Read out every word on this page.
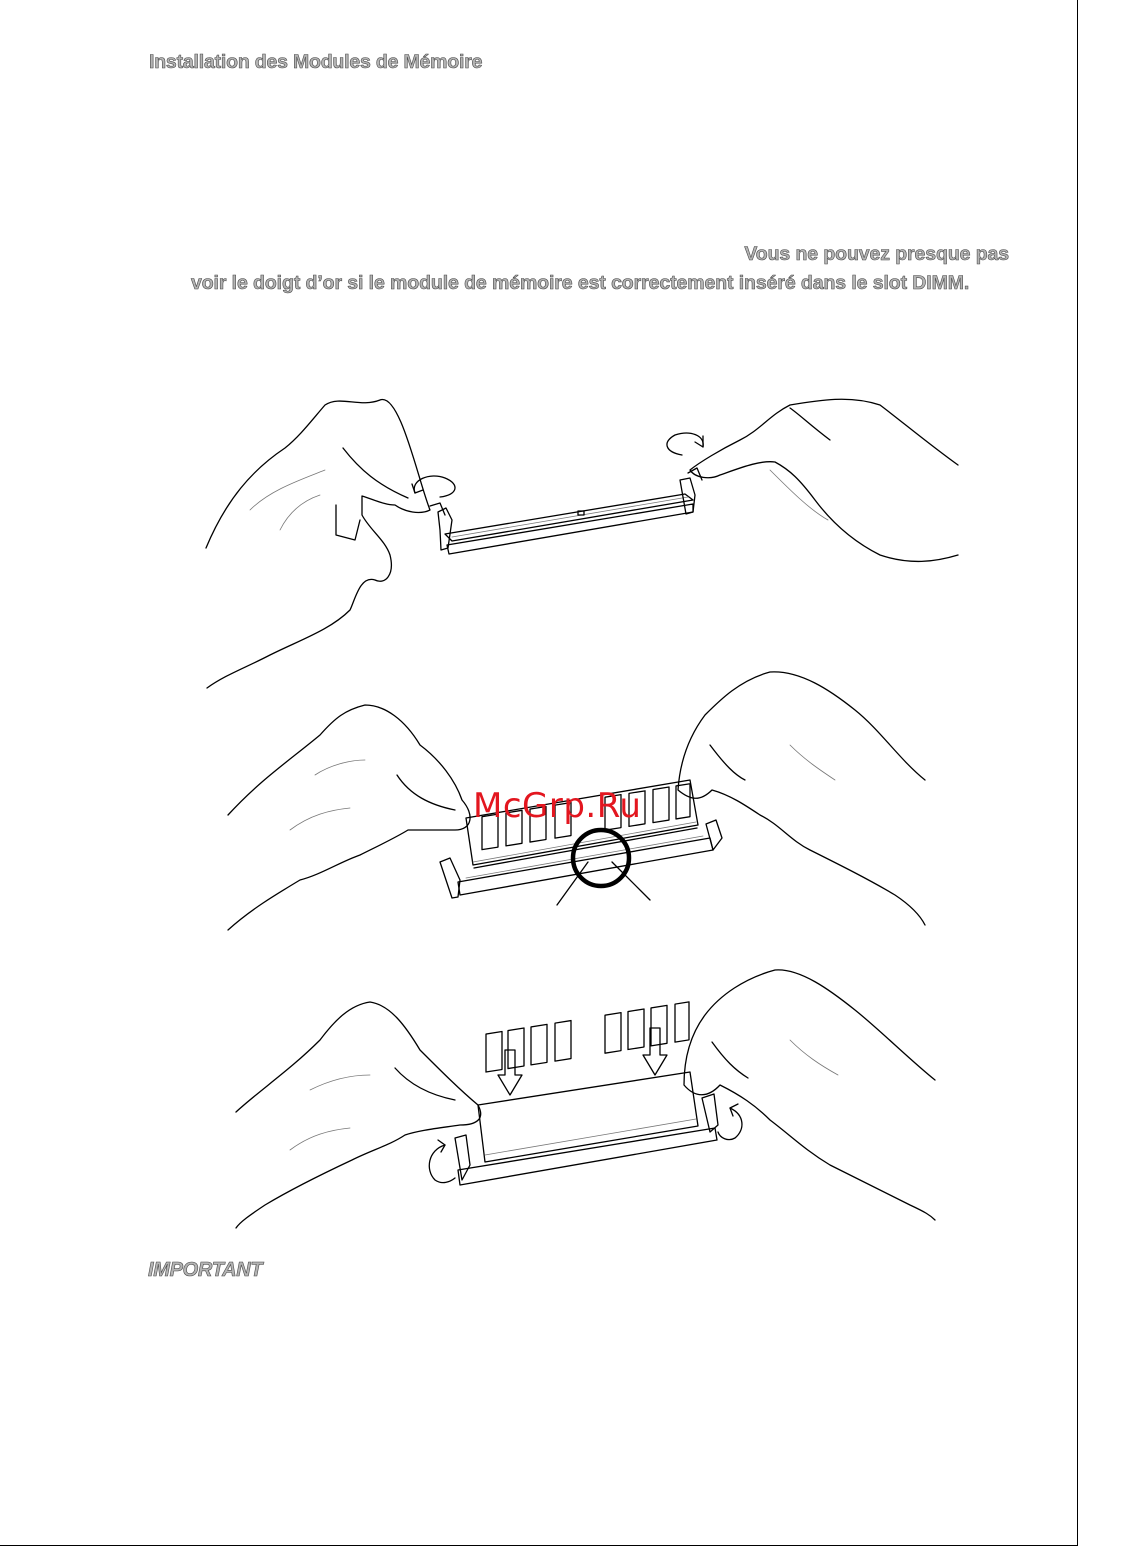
Installation des Modules de Mémoire
Vous ne pouvez presque pas
voir le doigt d’or si le module de mémoire est correctement inséré dans le slot DIMM.
McGrp.Ru
IMPORTANT
